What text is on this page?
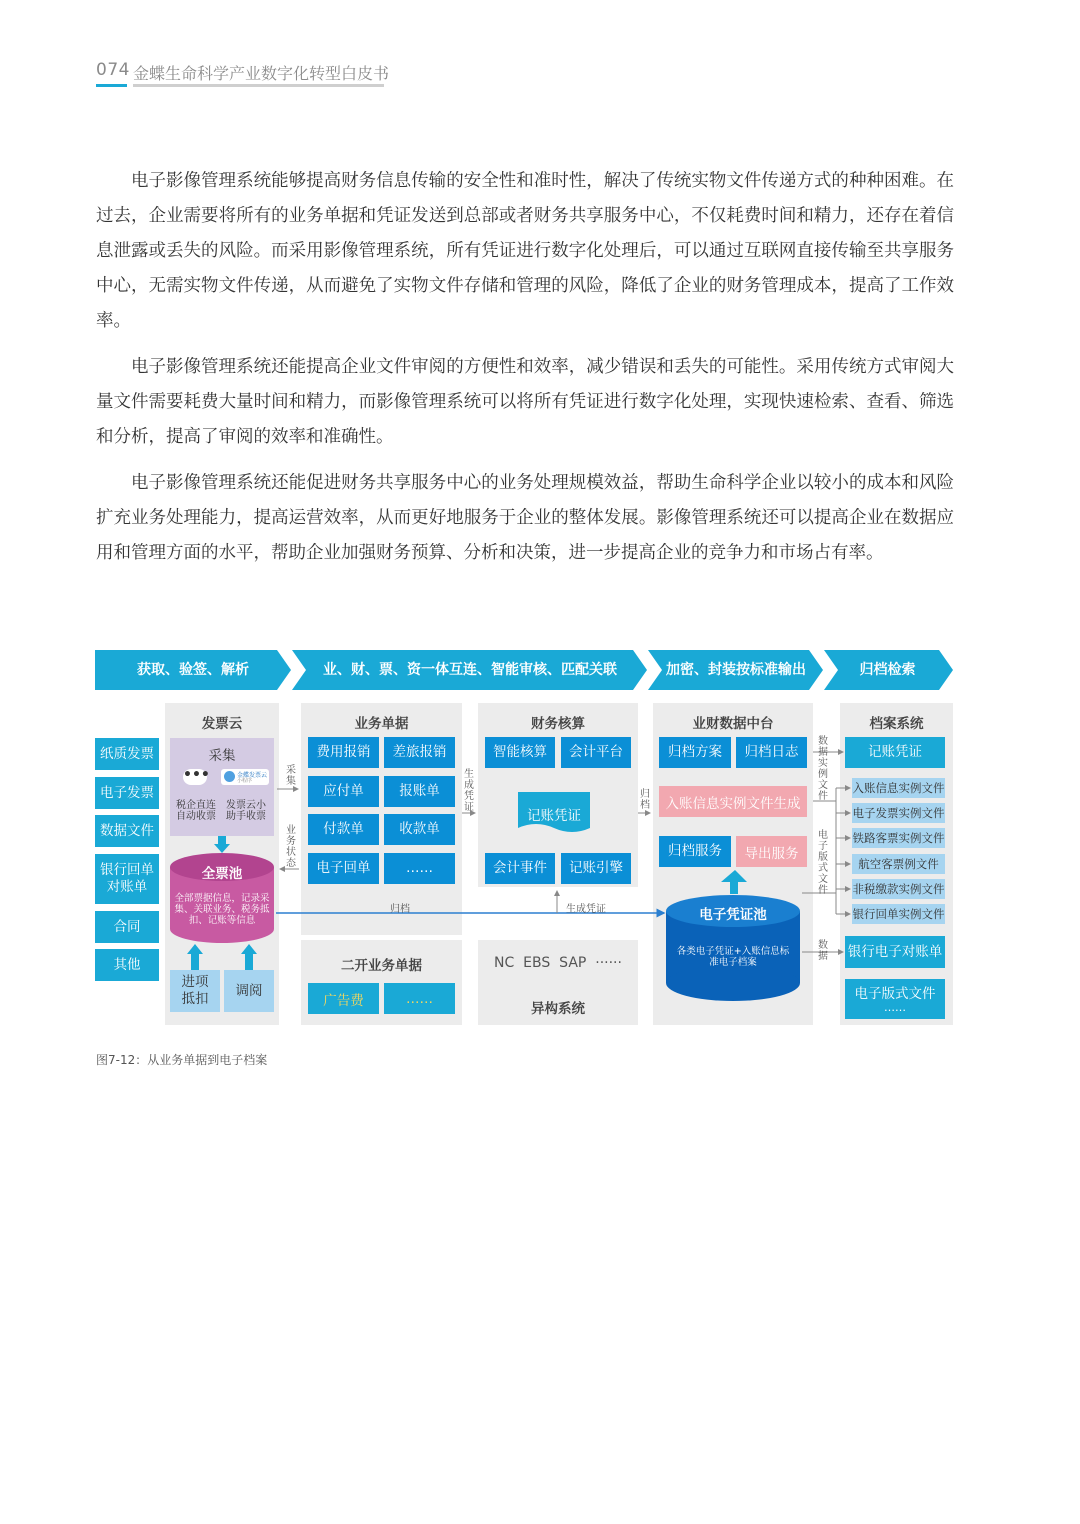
074 金蝶生命科学产业数字化转型白皮书
电子影像管理系统能够提高财务信息传输的安全性和准时性，解决了传统实物文件传递方式的种种困难。在过去，企业需要将所有的业务单据和凭证发送到总部或者财务共享服务中心，不仅耗费时间和精力，还存在着信息泄露或丢失的风险。而采用影像管理系统，所有凭证进行数字化处理后，可以通过互联网直接传输至共享服务中心，无需实物文件传递，从而避免了实物文件存储和管理的风险，降低了企业的财务管理成本，提高了工作效率。
电子影像管理系统还能提高企业文件审阅的方便性和效率，减少错误和丢失的可能性。采用传统方式审阅大量文件需要耗费大量时间和精力，而影像管理系统可以将所有凭证进行数字化处理，实现快速检索、查看、筛选和分析，提高了审阅的效率和准确性。
电子影像管理系统还能促进财务共享服务中心的业务处理规模效益，帮助生命科学企业以较小的成本和风险扩充业务处理能力，提高运营效率，从而更好地服务于企业的整体发展。影像管理系统还可以提高企业在数据应用和管理方面的水平，帮助企业加强财务预算、分析和决策，进一步提高企业的竞争力和市场占有率。
获取、验签、解析	业、财、票、资一体互连、智能审核、匹配关联	加密、封装按标准输出	归档检索
纸质发票
电子发票
数据文件
银行回单对账单
合同
其他
发票云
采集
•••	金蝶发票云
小程序
税企直连自动收票
发票云小助手收票
全票池
全部票据信息，记录采集、关联业务、税务抵扣、记账等信息
进项抵扣
调阅
业务单据
费用报销	差旅报销
应付单	报账单
付款单	收款单
电子回单	……
二开业务单据
广告费	……
财务核算
智能核算	会计平台
记账凭证
会计事件	记账引擎
NC  EBS  SAP  ······
异构系统
业财数据中台
归档方案	归档日志
入账信息实例文件生成
归档服务	导出服务
电子凭证池
各类电子凭证+入账信息标准电子档案
档案系统
记账凭证
入账信息实例文件
电子发票实例文件
铁路客票实例文件
航空客票例文件
非税缴款实例文件
银行回单实例文件
银行电子对账单
电子版式文件
……
采集
业务状态
生成凭证
归档
归档	生成凭证
数据实例文件
电子版式文件
数据
图7-12：从业务单据到电子档案
